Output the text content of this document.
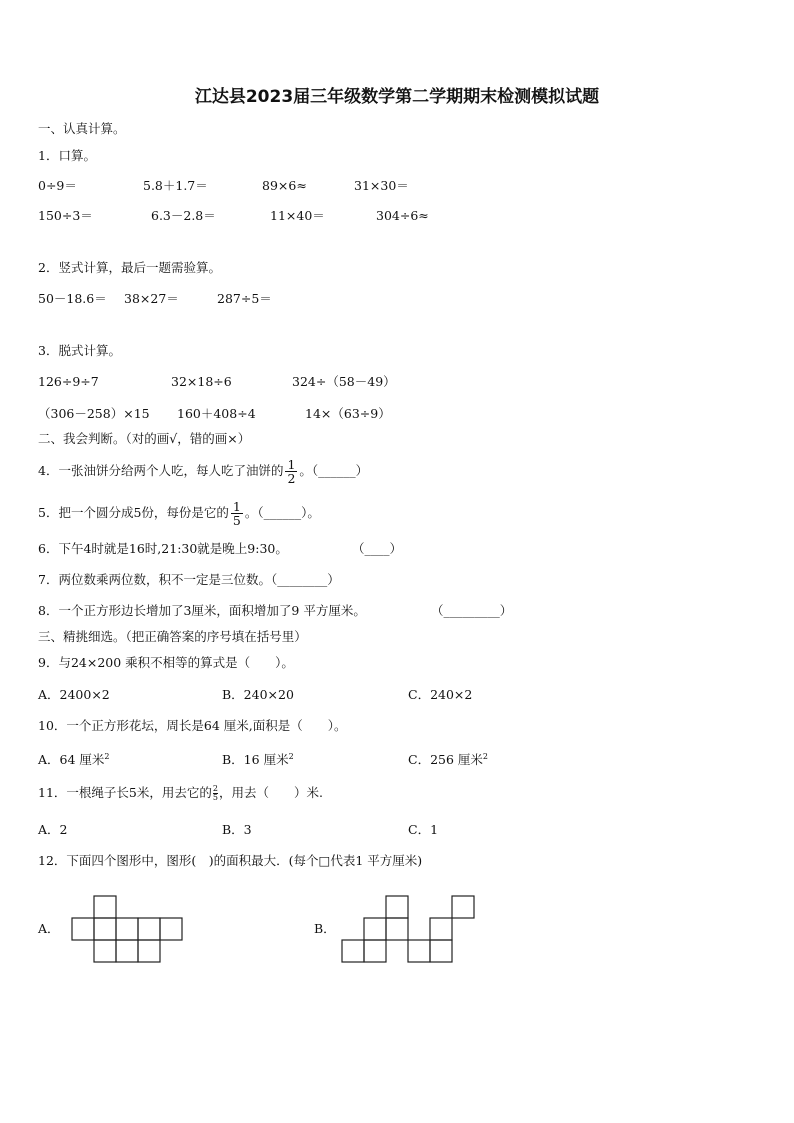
江达县2023届三年级数学第二学期期末检测模拟试题
一、认真计算。
1．口算。
0÷9＝	5.8＋1.7＝	89×6≈	31×30＝
150÷3＝	6.3－2.8＝	11×40＝	304÷6≈
2．竖式计算，最后一题需验算。
50－18.6＝ 38×27＝	287÷5＝
3．脱式计算。
126÷9÷7	32×18÷6	324÷（58－49）
（306－258）×15 160＋408÷4	14×（63÷9）
二、我会判断。（对的画√，错的画×）
4．一张油饼分给两个人吃，每人吃了油饼的 $\frac{1}{2}$ 。（______）
5．把一个圆分成5份，每份是它的 $\frac{1}{5}$ 。（______）。
6．下午4时就是16时,21:30就是晚上9:30。	（____）
7．两位数乘两位数，积不一定是三位数。（________）
8．一个正方形边长增加了3厘米，面积增加了9 平方厘米。	（_________）
三、精挑细选。（把正确答案的序号填在括号里）
9．与24×200 乘积不相等的算式是（　　）。
A．2400×2	B．240×20	C．240×2
10．一个正方形花坛，周长是64 厘米,面积是（　　）。
A．64 厘米$^2$	B．16 厘米$^2$	C．256 厘米$^2$
11．一根绳子长5米，用去它的 $\frac{2}{5}$，用去（　　）米.
A．2	B．3	C．1
12．下面四个图形中，图形(　)的面积最大．(每个□代表1 平方厘米)
A．	B．
